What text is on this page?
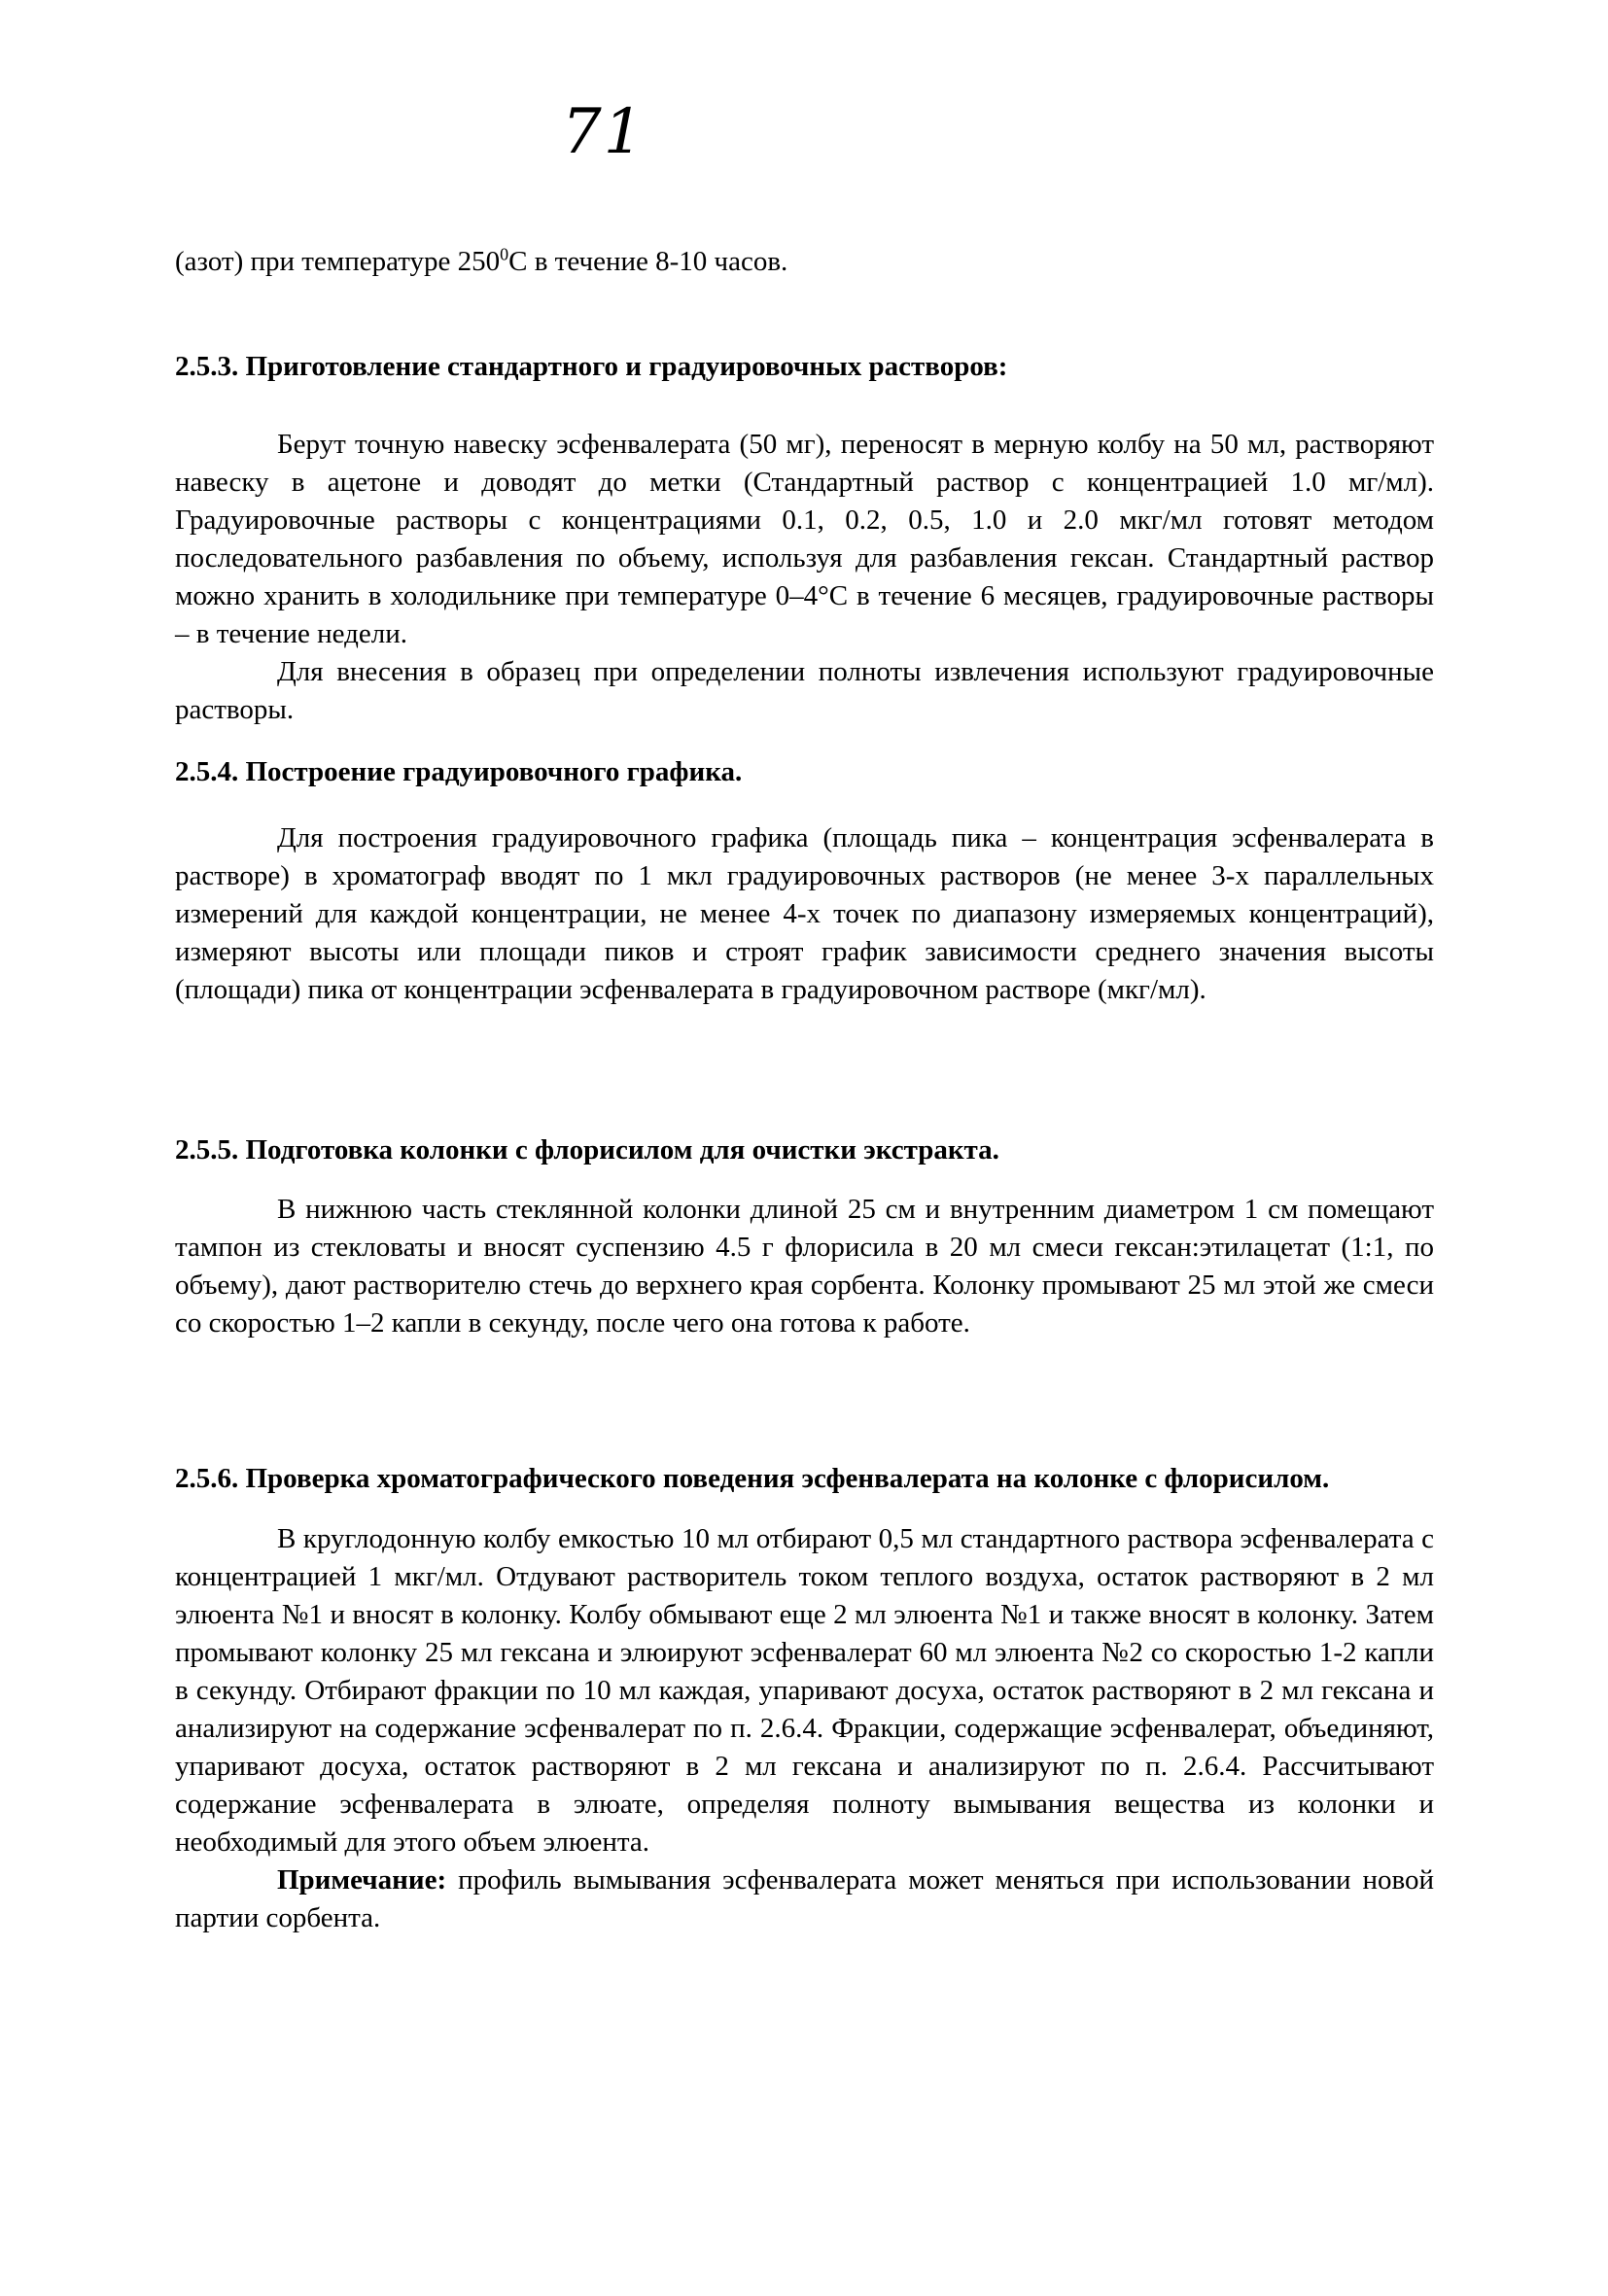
71

(азот) при температуре $250^0С$ в течение 8-10 часов.

2.5.3. Приготовление стандартного и градуировочных растворов:

Берут точную навеску эсфенвалерата (50 мг), переносят в мерную колбу на 50 мл, растворяют навеску в ацетоне и доводят до метки (Стандартный раствор с концентрацией 1.0 мг/мл). Градуировочные растворы с концентрациями 0.1, 0.2, 0.5, 1.0 и 2.0 мкг/мл готовят методом последовательного разбавления по объему, используя для разбавления гексан. Стандартный раствор можно хранить в холодильнике при температуре 0–4°С в течение 6 месяцев, градуировочные растворы – в течение недели.

Для внесения в образец при определении полноты извлечения используют градуировочные растворы.

2.5.4. Построение градуировочного графика.

Для построения градуировочного графика (площадь пика – концентрация эсфенвалерата в растворе) в хроматограф вводят по 1 мкл градуировочных растворов (не менее 3-х параллельных измерений для каждой концентрации, не менее 4-х точек по диапазону измеряемых концентраций), измеряют высоты или площади пиков и строят график зависимости среднего значения высоты (площади) пика от концентрации эсфенвалерата в градуировочном растворе (мкг/мл).

2.5.5. Подготовка колонки с флорисилом для очистки экстракта.

В нижнюю часть стеклянной колонки длиной 25 см и внутренним диаметром 1 см помещают тампон из стекловаты и вносят суспензию 4.5 г флорисила в 20 мл смеси гексан:этилацетат (1:1, по объему), дают растворителю стечь до верхнего края сорбента. Колонку промывают 25 мл этой же смеси со скоростью 1–2 капли в секунду, после чего она готова к работе.

2.5.6. Проверка хроматографического поведения эсфенвалерата на колонке с флорисилом.

В круглодонную колбу емкостью 10 мл отбирают 0,5 мл стандартного раствора эсфенвалерата с концентрацией 1 мкг/мл. Отдувают растворитель током теплого воздуха, остаток растворяют в 2 мл элюента №1 и вносят в колонку. Колбу обмывают еще 2 мл элюента №1 и также вносят в колонку. Затем промывают колонку 25 мл гексана и элюируют эсфенвалерат 60 мл элюента №2 со скоростью 1-2 капли в секунду. Отбирают фракции по 10 мл каждая, упаривают досуха, остаток растворяют в 2 мл гексана и анализируют на содержание эсфенвалерат по п. 2.6.4. Фракции, содержащие эсфенвалерат, объединяют, упаривают досуха, остаток растворяют в 2 мл гексана и анализируют по п. 2.6.4. Рассчитывают содержание эсфенвалерата в элюате, определяя полноту вымывания вещества из колонки и необходимый для этого объем элюента.

Примечание: профиль вымывания эсфенвалерата может меняться при использовании новой партии сорбента.
